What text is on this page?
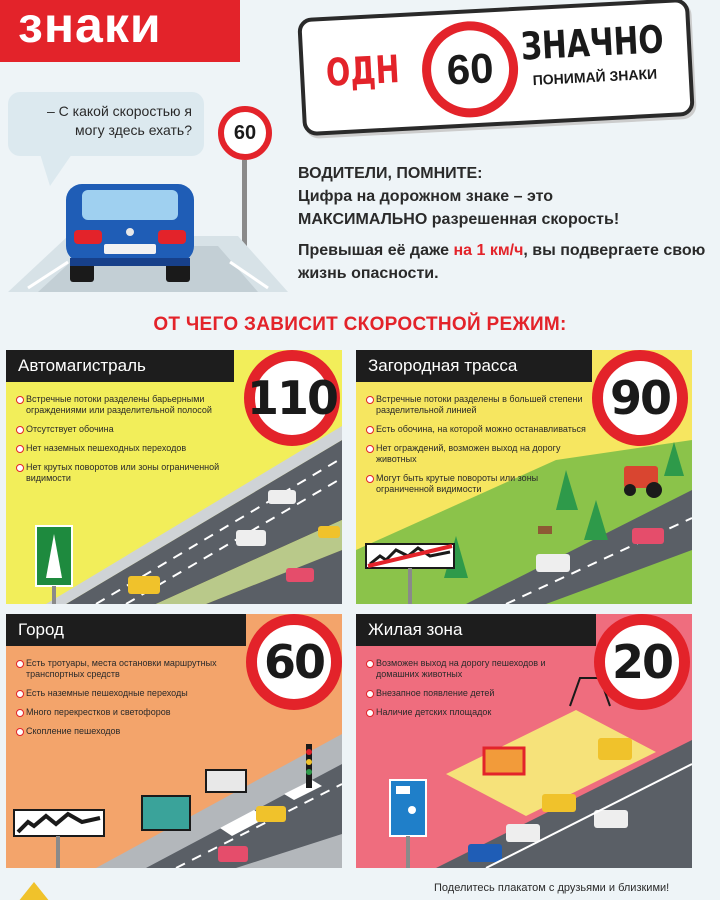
знаки
ОДН	60
ЗНАЧНО
ПОНИМАЙ ЗНАКИ
– С какой скоростью я могу здесь ехать?	60
ВОДИТЕЛИ, ПОМНИТЕ:
Цифра на дорожном знаке – это
МАКСИМАЛЬНО разрешенная скорость!
Превышая её даже на 1 км/ч, вы подвергаете свою жизнь опасности.
ОТ ЧЕГО ЗАВИСИТ СКОРОСТНОЙ РЕЖИМ:
Автомагистраль
Встречные потоки разделены барьерными ограждениями или разделительной полосой
Отсутствует обочина
Нет наземных пешеходных переходов
Нет крутых поворотов или зоны ограниченной видимости
110
Загородная трасса
Встречные потоки разделены в большей степени разделительной линией
Есть обочина, на которой можно останавливаться
Нет ограждений, возможен выход на дорогу животных
Могут быть крутые повороты или зоны ограниченной видимости
90
Город
Есть тротуары, места остановки маршрутных транспортных средств
Есть наземные пешеходные переходы
Много перекрестков и светофоров
Скопление пешеходов
60
Жилая зона
Возможен выход на дорогу пешеходов и домашних животных
Внезапное появление детей
Наличие детских площадок
20
Поделитесь плакатом с друзьями и близкими!
